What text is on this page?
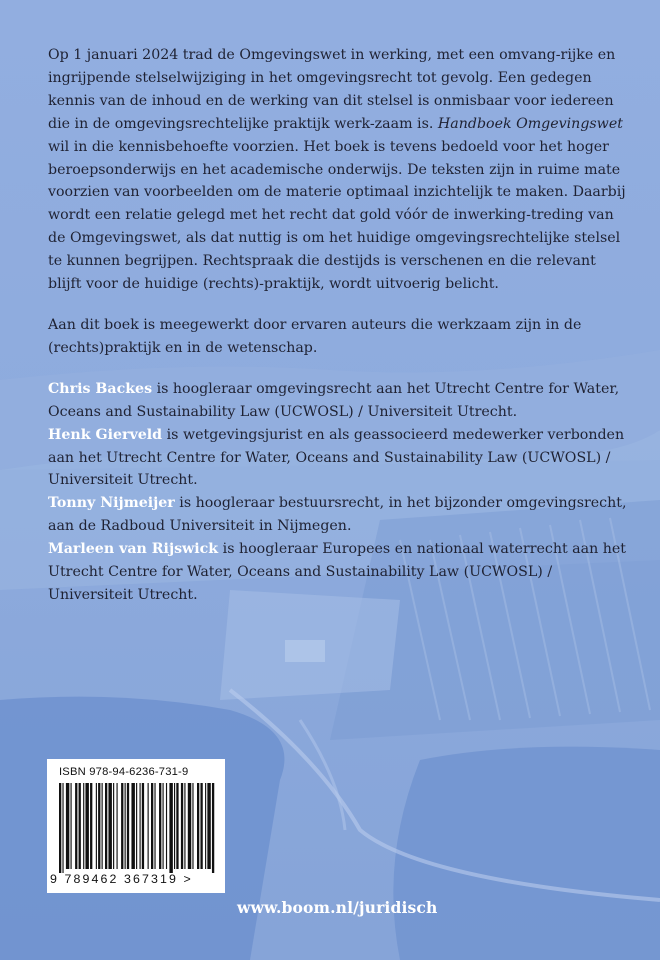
Op 1 januari 2024 trad de Omgevingswet in werking, met een omvang-rijke en ingrijpende stelselwijziging in het omgevingsrecht tot gevolg. Een gedegen kennis van de inhoud en de werking van dit stelsel is onmisbaar voor iedereen die in de omgevingsrechtelijke praktijk werk-zaam is. Handboek Omgevingswet wil in die kennisbehoefte voorzien. Het boek is tevens bedoeld voor het hoger beroepsonderwijs en het academische onderwijs. De teksten zijn in ruime mate voorzien van voorbeelden om de materie optimaal inzichtelijk te maken. Daarbij wordt een relatie gelegd met het recht dat gold vóór de inwerking-treding van de Omgevingswet, als dat nuttig is om het huidige omgevingsrechtelijke stelsel te kunnen begrijpen. Rechtspraak die destijds is verschenen en die relevant blijft voor de huidige (rechts)-praktijk, wordt uitvoerig belicht.

Aan dit boek is meegewerkt door ervaren auteurs die werkzaam zijn in de (rechts)praktijk en in de wetenschap.

Chris Backes is hoogleraar omgevingsrecht aan het Utrecht Centre for Water, Oceans and Sustainability Law (UCWOSL) / Universiteit Utrecht.
Henk Gierveld is wetgevingsjurist en als geassocieerd medewerker verbonden aan het Utrecht Centre for Water, Oceans and Sustainability Law (UCWOSL) / Universiteit Utrecht.
Tonny Nijmeijer is hoogleraar bestuursrecht, in het bijzonder omgevingsrecht, aan de Radboud Universiteit in Nijmegen.
Marleen van Rijswick is hoogleraar Europees en nationaal waterrecht aan het Utrecht Centre for Water, Oceans and Sustainability Law (UCWOSL) / Universiteit Utrecht.
ISBN 978-94-6236-731-9
9 789462 367319 >
www.boom.nl/juridisch
